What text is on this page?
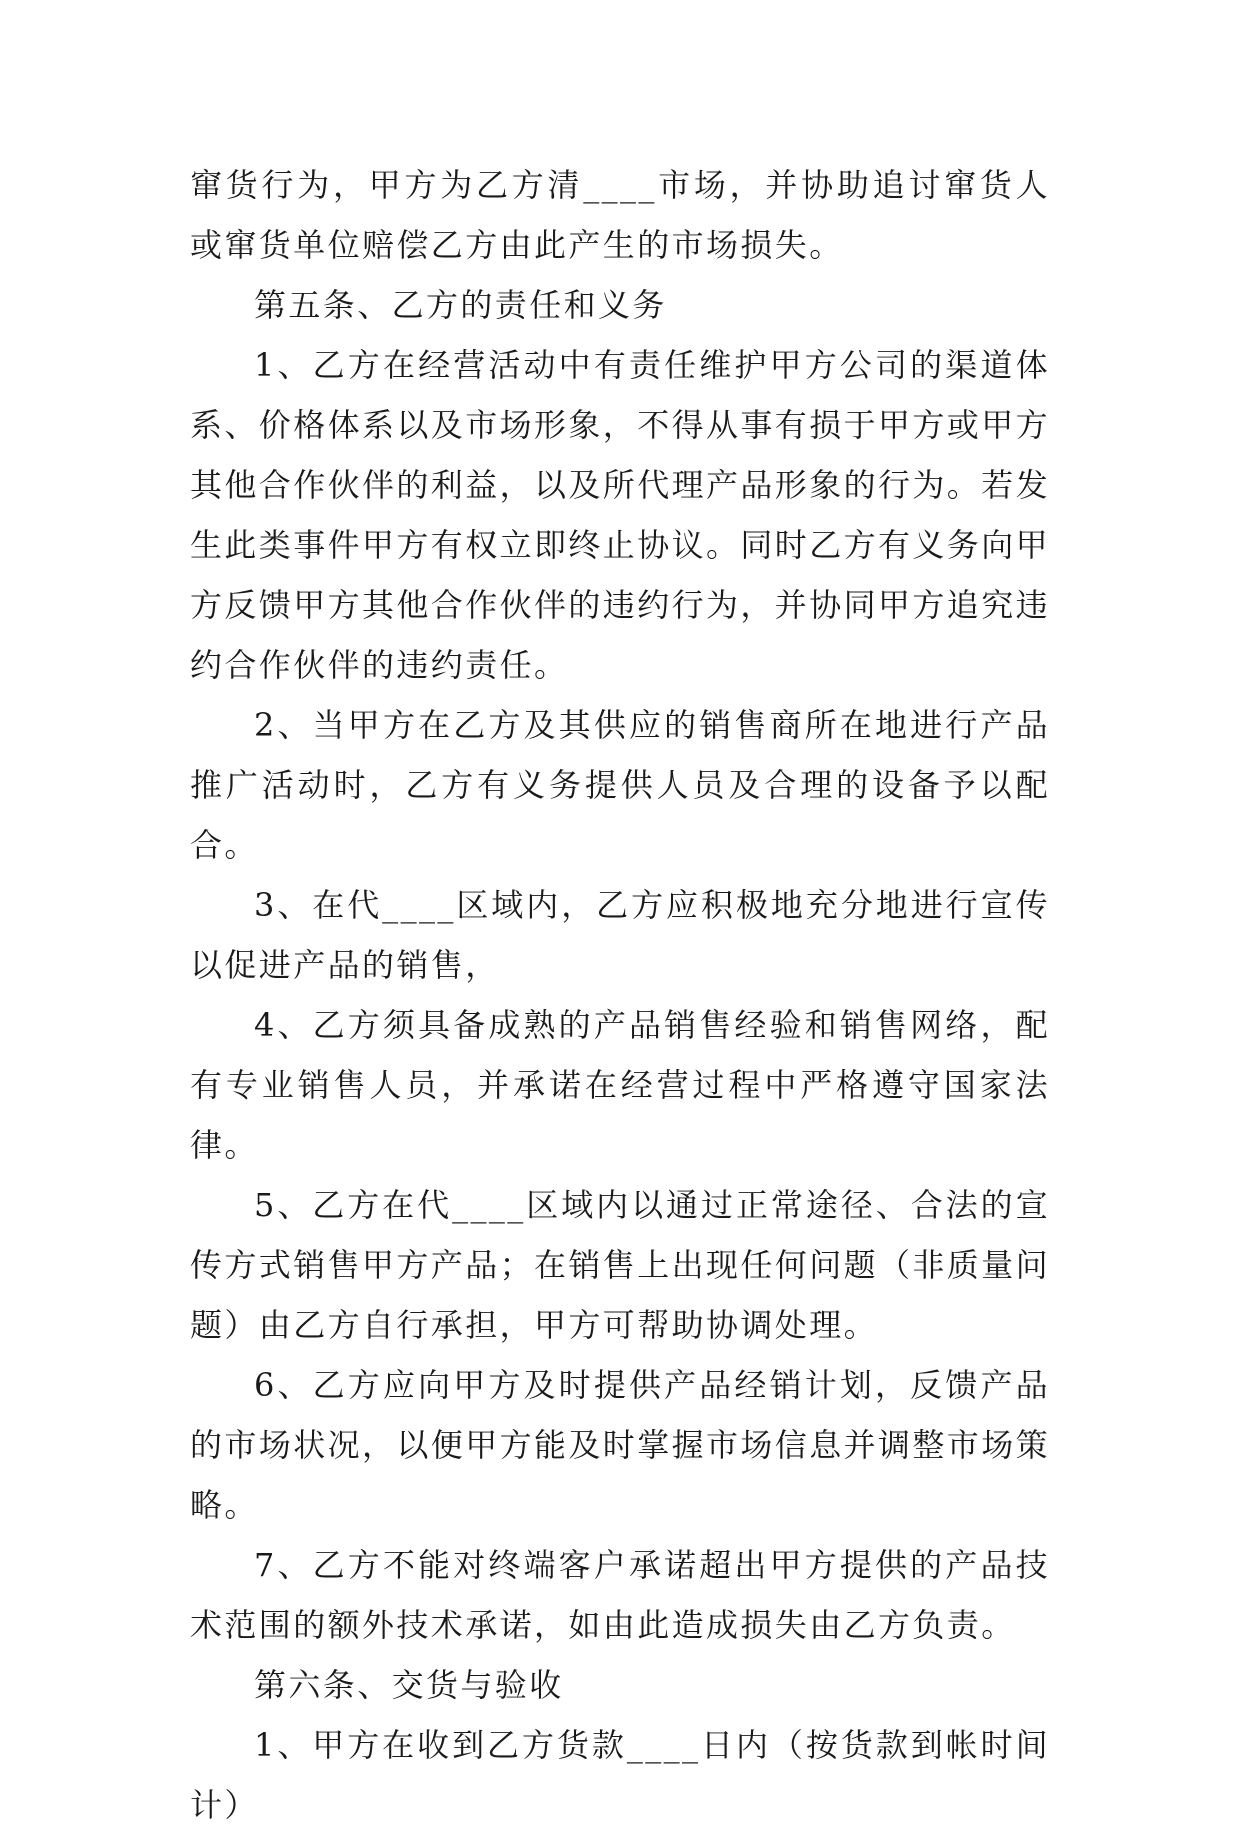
窜货行为，甲方为乙方清____市场，并协助追讨窜货人或窜货单位赔偿乙方由此产生的市场损失。

第五条、乙方的责任和义务

1、乙方在经营活动中有责任维护甲方公司的渠道体系、价格体系以及市场形象，不得从事有损于甲方或甲方其他合作伙伴的利益，以及所代理产品形象的行为。若发生此类事件甲方有权立即终止协议。同时乙方有义务向甲方反馈甲方其他合作伙伴的违约行为，并协同甲方追究违约合作伙伴的违约责任。

2、当甲方在乙方及其供应的销售商所在地进行产品推广活动时，乙方有义务提供人员及合理的设备予以配合。

3、在代____区域内，乙方应积极地充分地进行宣传以促进产品的销售，

4、乙方须具备成熟的产品销售经验和销售网络，配有专业销售人员，并承诺在经营过程中严格遵守国家法律。

5、乙方在代____区域内以通过正常途径、合法的宣传方式销售甲方产品；在销售上出现任何问题（非质量问题）由乙方自行承担，甲方可帮助协调处理。

6、乙方应向甲方及时提供产品经销计划，反馈产品的市场状况，以便甲方能及时掌握市场信息并调整市场策略。

7、乙方不能对终端客户承诺超出甲方提供的产品技术范围的额外技术承诺，如由此造成损失由乙方负责。

第六条、交货与验收

1、甲方在收到乙方货款____日内（按货款到帐时间计）
